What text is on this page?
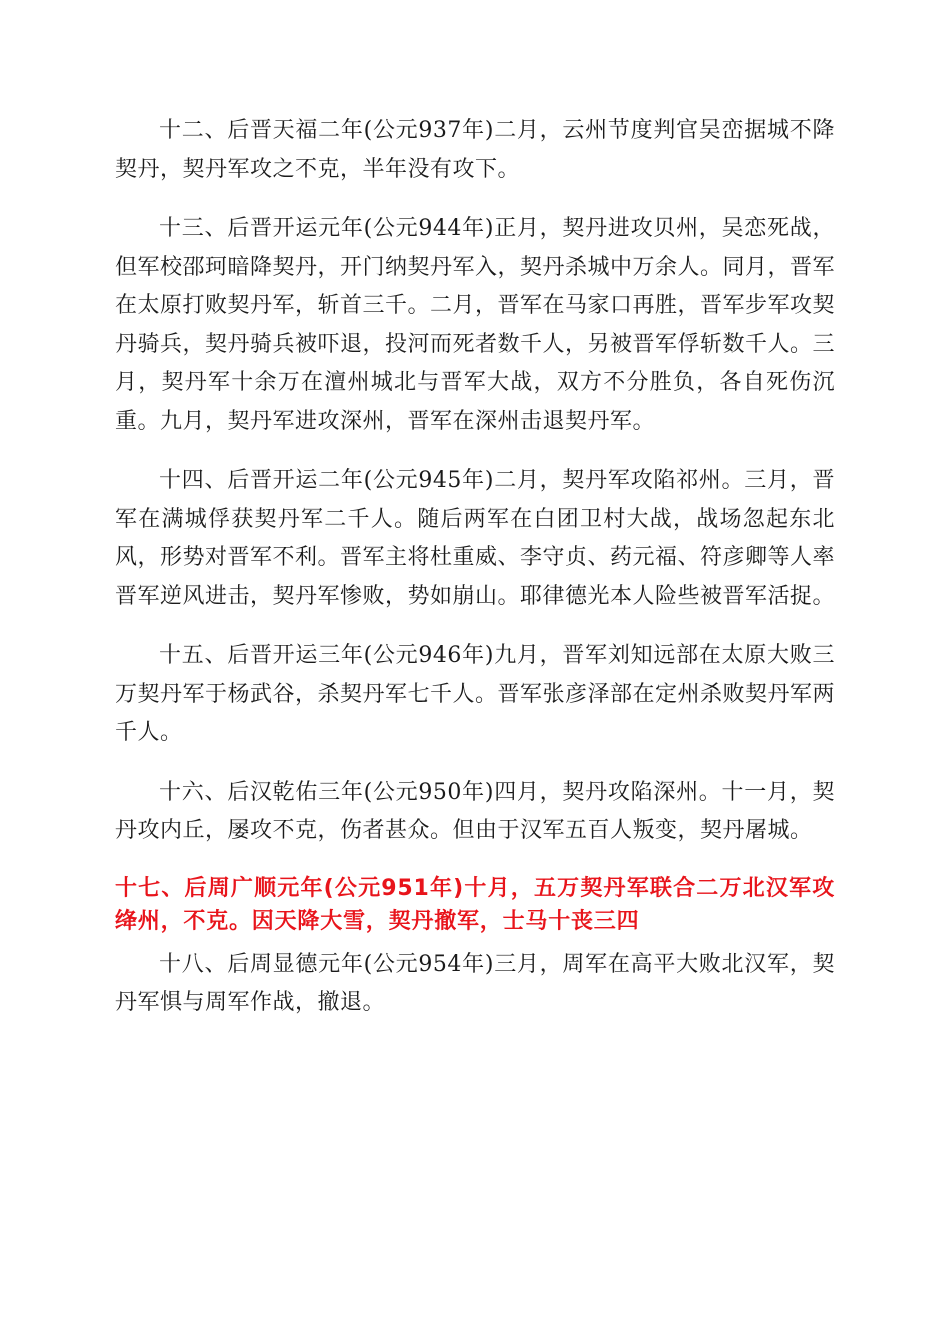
十二、后晋天福二年(公元937年)二月，云州节度判官吴峦据城不降契丹，契丹军攻之不克，半年没有攻下。

十三、后晋开运元年(公元944年)正月，契丹进攻贝州，吴恋死战，但军校邵珂暗降契丹，开门纳契丹军入，契丹杀城中万余人。同月，晋军在太原打败契丹军，斩首三千。二月，晋军在马家口再胜，晋军步军攻契丹骑兵，契丹骑兵被吓退，投河而死者数千人，另被晋军俘斩数千人。三月，契丹军十余万在澶州城北与晋军大战，双方不分胜负，各自死伤沉重。九月，契丹军进攻深州，晋军在深州击退契丹军。

十四、后晋开运二年(公元945年)二月，契丹军攻陷祁州。三月，晋军在满城俘获契丹军二千人。随后两军在白团卫村大战，战场忽起东北风，形势对晋军不利。晋军主将杜重威、李守贞、药元福、符彦卿等人率晋军逆风进击，契丹军惨败，势如崩山。耶律德光本人险些被晋军活捉。

十五、后晋开运三年(公元946年)九月，晋军刘知远部在太原大败三万契丹军于杨武谷，杀契丹军七千人。晋军张彦泽部在定州杀败契丹军两千人。

十六、后汉乾佑三年(公元950年)四月，契丹攻陷深州。十一月，契丹攻内丘，屡攻不克，伤者甚众。但由于汉军五百人叛变，契丹屠城。

十七、后周广顺元年(公元951年)十月，五万契丹军联合二万北汉军攻绛州，不克。因天降大雪，契丹撤军，士马十丧三四

十八、后周显德元年(公元954年)三月，周军在高平大败北汉军，契丹军惧与周军作战，撤退。
